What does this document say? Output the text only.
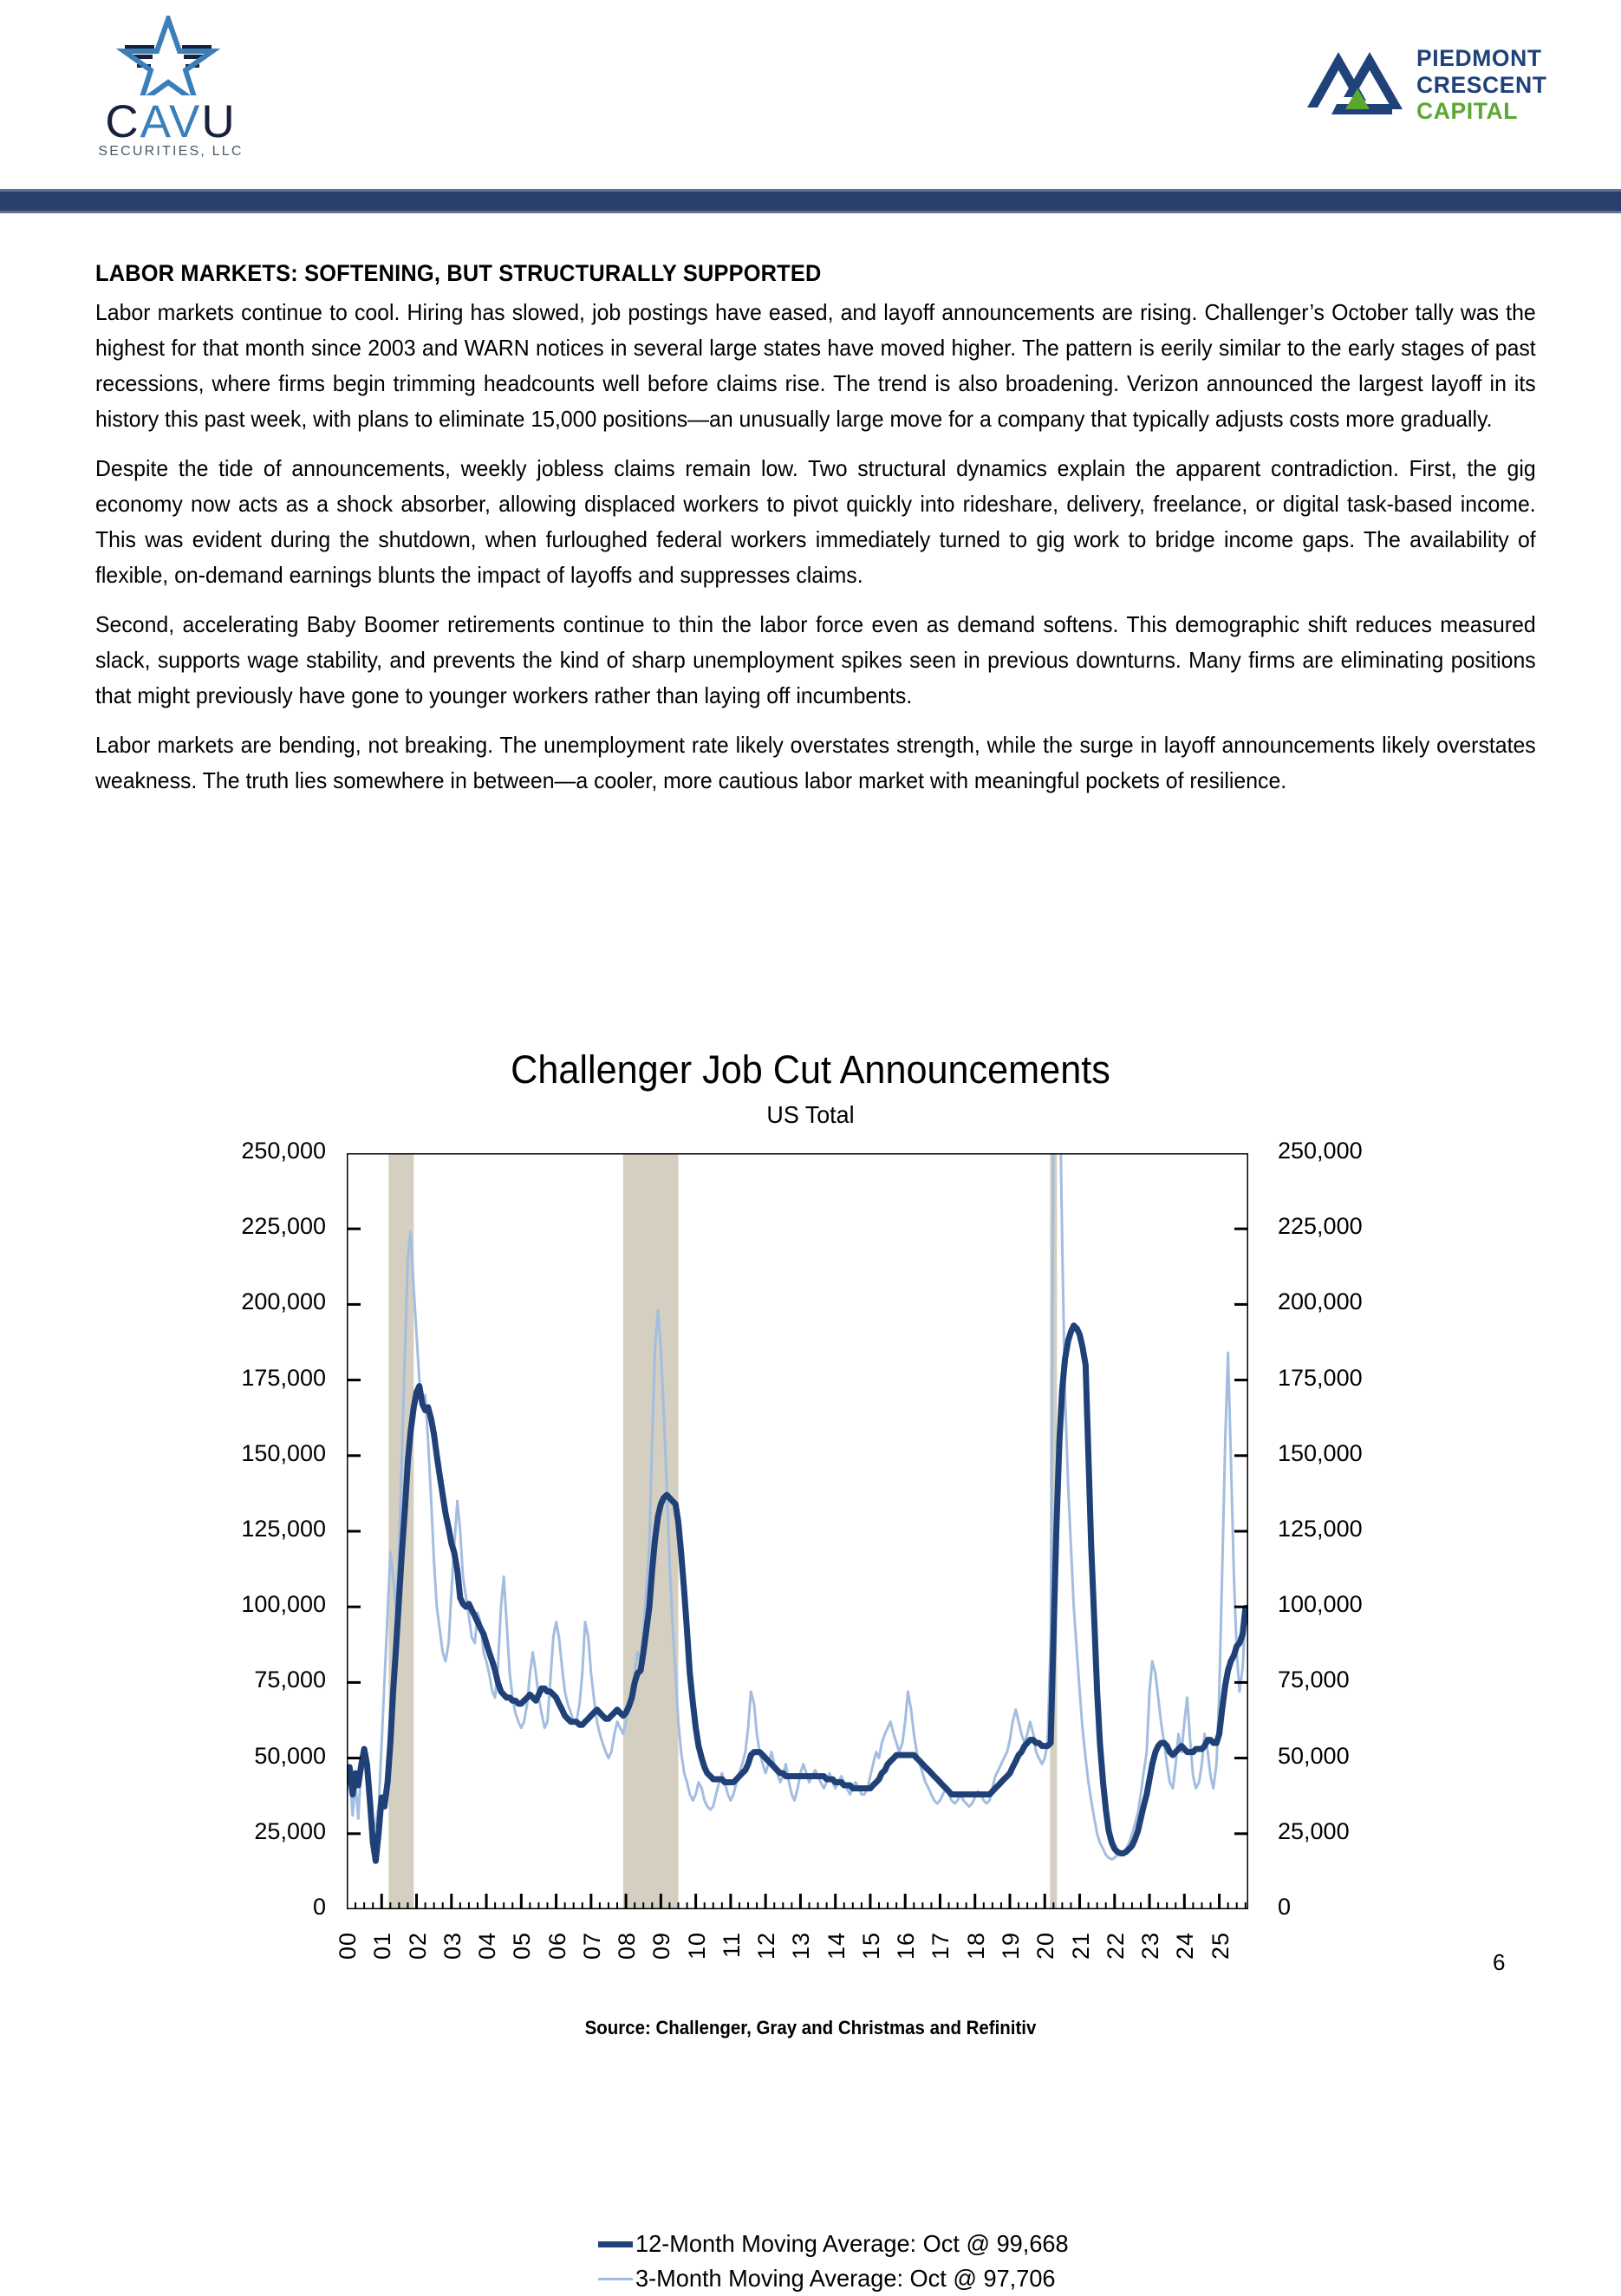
CAVU
SECURITIES, LLC
PIEDMONT
CRESCENT
CAPITAL
LABOR MARKETS: SOFTENING, BUT STRUCTURALLY SUPPORTED
Labor markets continue to cool. Hiring has slowed, job postings have eased, and layoff announcements are rising. Challenger’s October tally was the highest for that month since 2003 and WARN notices in several large states have moved higher. The pattern is eerily similar to the early stages of past recessions, where firms begin trimming headcounts well before claims rise. The trend is also broadening. Verizon announced the largest layoff in its history this past week, with plans to eliminate 15,000 positions—an unusually large move for a company that typically adjusts costs more gradually.
Despite the tide of announcements, weekly jobless claims remain low. Two structural dynamics explain the apparent contradiction. First, the gig economy now acts as a shock absorber, allowing displaced workers to pivot quickly into rideshare, delivery, freelance, or digital task-based income. This was evident during the shutdown, when furloughed federal workers immediately turned to gig work to bridge income gaps. The availability of flexible, on-demand earnings blunts the impact of layoffs and suppresses claims.
Second, accelerating Baby Boomer retirements continue to thin the labor force even as demand softens. This demographic shift reduces measured slack, supports wage stability, and prevents the kind of sharp unemployment spikes seen in previous downturns. Many firms are eliminating positions that might previously have gone to younger workers rather than laying off incumbents.
Labor markets are bending, not breaking. The unemployment rate likely overstates strength, while the surge in layoff announcements likely overstates weakness. The truth lies somewhere in between—a cooler, more cautious labor market with meaningful pockets of resilience.
Challenger Job Cut Announcements
US Total
250,000
225,000
200,000
175,000
150,000
125,000
100,000
75,000
50,000
25,000
0
250,000
225,000
200,000
175,000
150,000
125,000
100,000
75,000
50,000
25,000
0
12-Month Moving Average: Oct @ 99,668
3-Month Moving Average: Oct @ 97,706
00 01 02 03 04 05 06 07 08 09 10 11 12 13 14 15 16 17 18 19 20 21 22 23 24 25
Source: Challenger, Gray and Christmas and Refinitiv
6
